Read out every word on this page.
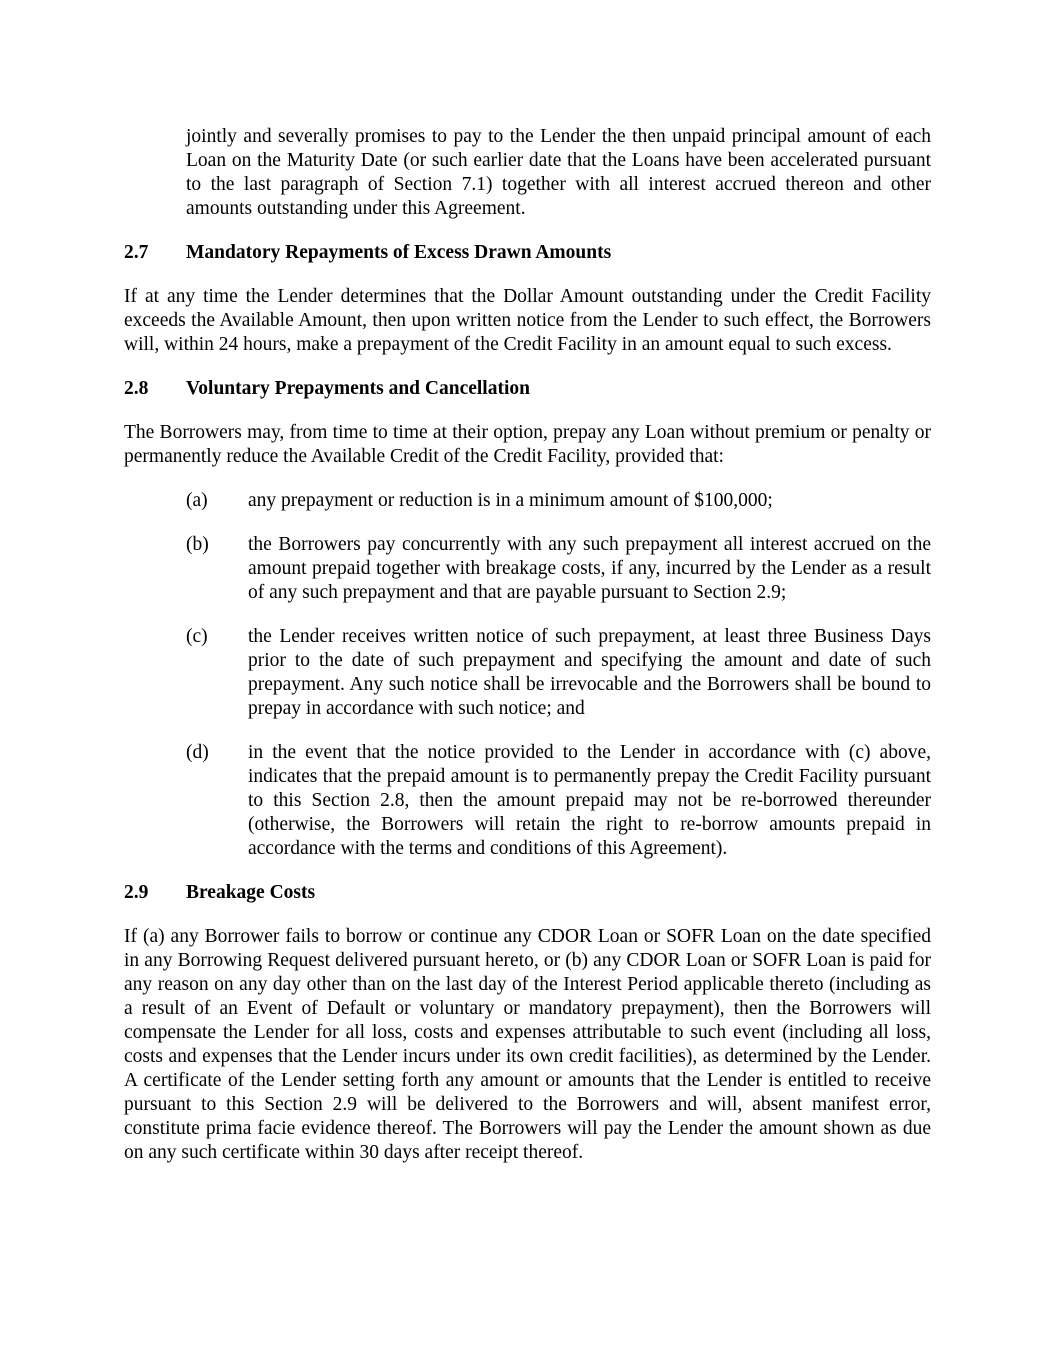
jointly and severally promises to pay to the Lender the then unpaid principal amount of each Loan on the Maturity Date (or such earlier date that the Loans have been accelerated pursuant to the last paragraph of Section 7.1) together with all interest accrued thereon and other amounts outstanding under this Agreement.

2.7	Mandatory Repayments of Excess Drawn Amounts

If at any time the Lender determines that the Dollar Amount outstanding under the Credit Facility exceeds the Available Amount, then upon written notice from the Lender to such effect, the Borrowers will, within 24 hours, make a prepayment of the Credit Facility in an amount equal to such excess.

2.8	Voluntary Prepayments and Cancellation

The Borrowers may, from time to time at their option, prepay any Loan without premium or penalty or permanently reduce the Available Credit of the Credit Facility, provided that:

(a)	any prepayment or reduction is in a minimum amount of $100,000;
(b)	the Borrowers pay concurrently with any such prepayment all interest accrued on the amount prepaid together with breakage costs, if any, incurred by the Lender as a result of any such prepayment and that are payable pursuant to Section 2.9;
(c)	the Lender receives written notice of such prepayment, at least three Business Days prior to the date of such prepayment and specifying the amount and date of such prepayment. Any such notice shall be irrevocable and the Borrowers shall be bound to prepay in accordance with such notice; and
(d)	in the event that the notice provided to the Lender in accordance with (c) above, indicates that the prepaid amount is to permanently prepay the Credit Facility pursuant to this Section 2.8, then the amount prepaid may not be re-borrowed thereunder (otherwise, the Borrowers will retain the right to re-borrow amounts prepaid in accordance with the terms and conditions of this Agreement).
2.9	Breakage Costs

If (a) any Borrower fails to borrow or continue any CDOR Loan or SOFR Loan on the date specified in any Borrowing Request delivered pursuant hereto, or (b) any CDOR Loan or SOFR Loan is paid for any reason on any day other than on the last day of the Interest Period applicable thereto (including as a result of an Event of Default or voluntary or mandatory prepayment), then the Borrowers will compensate the Lender for all loss, costs and expenses attributable to such event (including all loss, costs and expenses that the Lender incurs under its own credit facilities), as determined by the Lender. A certificate of the Lender setting forth any amount or amounts that the Lender is entitled to receive pursuant to this Section 2.9 will be delivered to the Borrowers and will, absent manifest error, constitute prima facie evidence thereof. The Borrowers will pay the Lender the amount shown as due on any such certificate within 30 days after receipt thereof.
